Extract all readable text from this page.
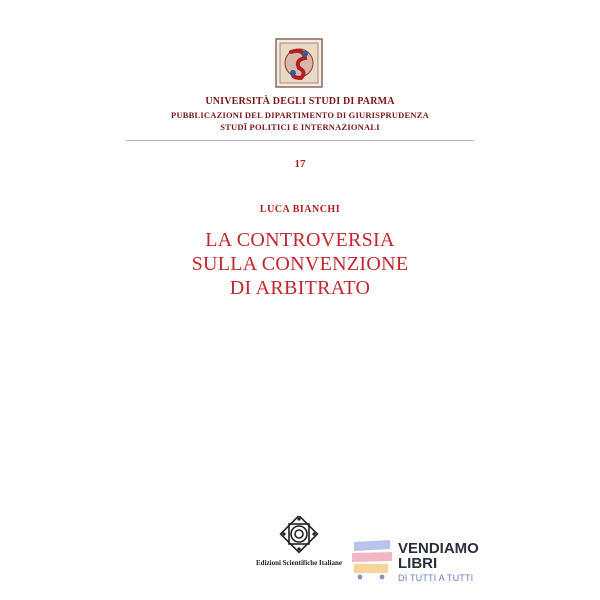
UNIVERSITÀ DEGLI STUDI DI PARMA
PUBBLICAZIONI DEL DIPARTIMENTO DI GIURISPRUDENZA
STUDÎ POLITICI E INTERNAZIONALI
17
LUCA BIANCHI
LA CONTROVERSIA
SULLA CONVENZIONE
DI ARBITRATO
Edizioni Scientifiche Italiane
VENDIAMO
LIBRI
DI TUTTI A TUTTI
